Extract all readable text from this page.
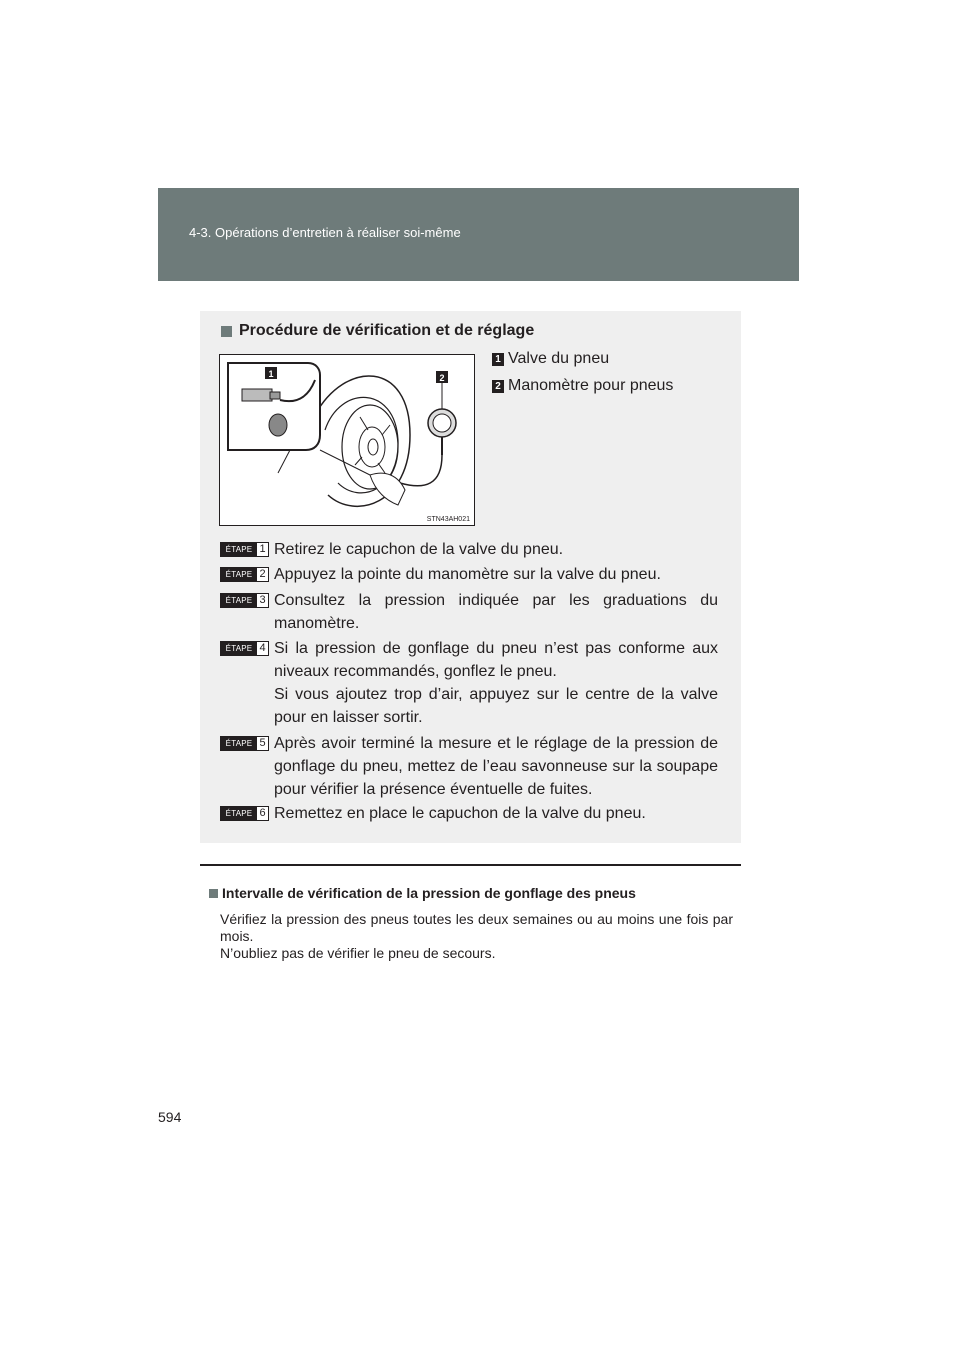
4-3. Opérations d’entretien à réaliser soi-même
Procédure de vérification et de réglage
1	2
STN43AH021
1 Valve du pneu
2 Manomètre pour pneus
ÉTAPE 1 Retirez le capuchon de la valve du pneu.

ÉTAPE 2 Appuyez la pointe du manomètre sur la valve du pneu.

ÉTAPE 3 Consultez la pression indiquée par les graduations du manomètre.

ÉTAPE 4 Si la pression de gonflage du pneu n’est pas conforme aux niveaux recommandés, gonflez le pneu.

Si vous ajoutez trop d’air, appuyez sur le centre de la valve pour en laisser sortir.

ÉTAPE 5 Après avoir terminé la mesure et le réglage de la pression de gonflage du pneu, mettez de l’eau savonneuse sur la soupape pour vérifier la présence éventuelle de fuites.

ÉTAPE 6 Remettez en place le capuchon de la valve du pneu.

Intervalle de vérification de la pression de gonflage des pneus

Vérifiez la pression des pneus toutes les deux semaines ou au moins une fois par mois.

N’oubliez pas de vérifier le pneu de secours.

594
